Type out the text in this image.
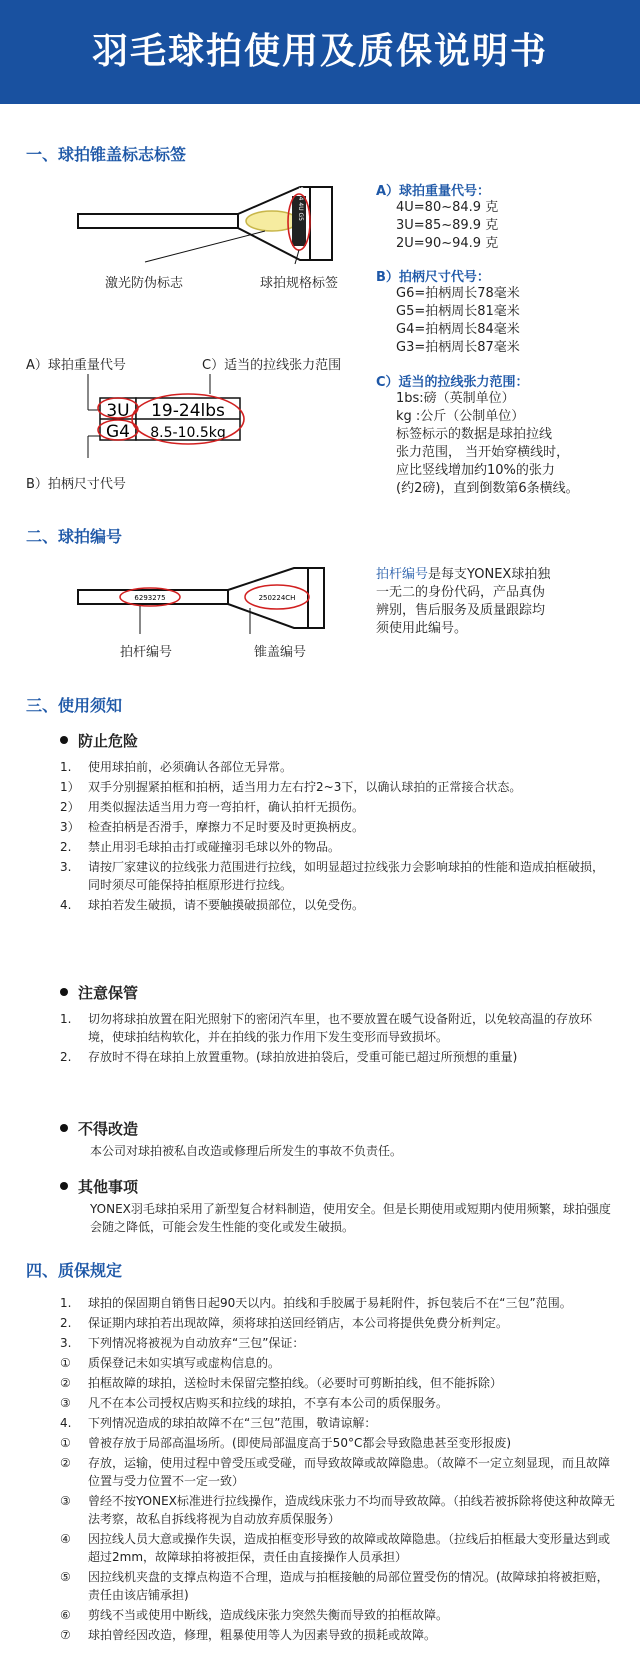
羽毛球拍使用及质保说明书
一、球拍锥盖标志标签
19-24 4U G5
激光防伪标志	球拍规格标签
A）球拍重量代号	C）适当的拉线张力范围
3U
G4
19-24lbs
8.5-10.5kg
B）拍柄尺寸代号
A）球拍重量代号：
4U=80~84.9 克
3U=85~89.9 克
2U=90~94.9 克
B）拍柄尺寸代号：
G6=拍柄周长78毫米
G5=拍柄周长81毫米
G4=拍柄周长84毫米
G3=拍柄周长87毫米
C）适当的拉线张力范围：
1bs:磅（英制单位）
kg :公斤（公制单位）
标签标示的数据是球拍拉线
张力范围， 当开始穿横线时，
应比竖线增加约10%的张力
(约2磅)，直到倒数第6条横线。
二、球拍编号
6293275	250224CH
拍杆编号	锥盖编号
拍杆编号是每支YONEX球拍独
一无二的身份代码，产品真伪
辨别，售后服务及质量跟踪均
须使用此编号。
三、使用须知
防止危险
1.	使用球拍前，必须确认各部位无异常。
1） 双手分别握紧拍框和拍柄，适当用力左右拧2~3下，以确认球拍的正常接合状态。
2） 用类似握法适当用力弯一弯拍杆，确认拍杆无损伤。
3） 检查拍柄是否滑手，摩擦力不足时要及时更换柄皮。
2.	禁止用羽毛球拍击打或碰撞羽毛球以外的物品。
3.	请按厂家建议的拉线张力范围进行拉线，如明显超过拉线张力会影响球拍的性能和造成拍框破损，同时须尽可能保持拍框原形进行拉线。
4.	球拍若发生破损，请不要触摸破损部位，以免受伤。
注意保管
1.	切勿将球拍放置在阳光照射下的密闭汽车里，也不要放置在暖气设备附近，以免较高温的存放环境，使球拍结构软化，并在拍线的张力作用下发生变形而导致损坏。
2.	存放时不得在球拍上放置重物。(球拍放进拍袋后，受重可能已超过所预想的重量)
不得改造
本公司对球拍被私自改造或修理后所发生的事故不负责任。
其他事项
YONEX羽毛球拍采用了新型复合材料制造，使用安全。但是长期使用或短期内使用频繁，球拍强度会随之降低，可能会发生性能的变化或发生破损。
四、质保规定
1.	球拍的保固期自销售日起90天以内。拍线和手胶属于易耗附件，拆包装后不在“三包”范围。
2.	保证期内球拍若出现故障，须将球拍送回经销店，本公司将提供免费分析判定。
3.	下列情况将被视为自动放弃“三包”保证：
①	质保登记未如实填写或虚构信息的。
②	拍框故障的球拍，送检时未保留完整拍线。（必要时可剪断拍线，但不能拆除）
③	凡不在本公司授权店购买和拉线的球拍，不享有本公司的质保服务。
4.	下列情况造成的球拍故障不在“三包”范围，敬请谅解：
①	曾被存放于局部高温场所。(即使局部温度高于50°C都会导致隐患甚至变形报废)
②	存放，运输，使用过程中曾受压或受碰，而导致故障或故障隐患。（故障不一定立刻显现，而且故障位置与受力位置不一定一致）
③	曾经不按YONEX标准进行拉线操作，造成线床张力不均而导致故障。（拍线若被拆除将使这种故障无法考察，故私自拆线将视为自动放弃质保服务）
④	因拉线人员大意或操作失误，造成拍框变形导致的故障或故障隐患。（拉线后拍框最大变形量达到或超过2mm，故障球拍将被拒保，责任由直接操作人员承担）
⑤	因拉线机夹盘的支撑点构造不合理，造成与拍框接触的局部位置受伤的情况。(故障球拍将被拒赔，责任由该店铺承担)
⑥	剪线不当或使用中断线，造成线床张力突然失衡而导致的拍框故障。
⑦	球拍曾经因改造，修理，粗暴使用等人为因素导致的损耗或故障。
